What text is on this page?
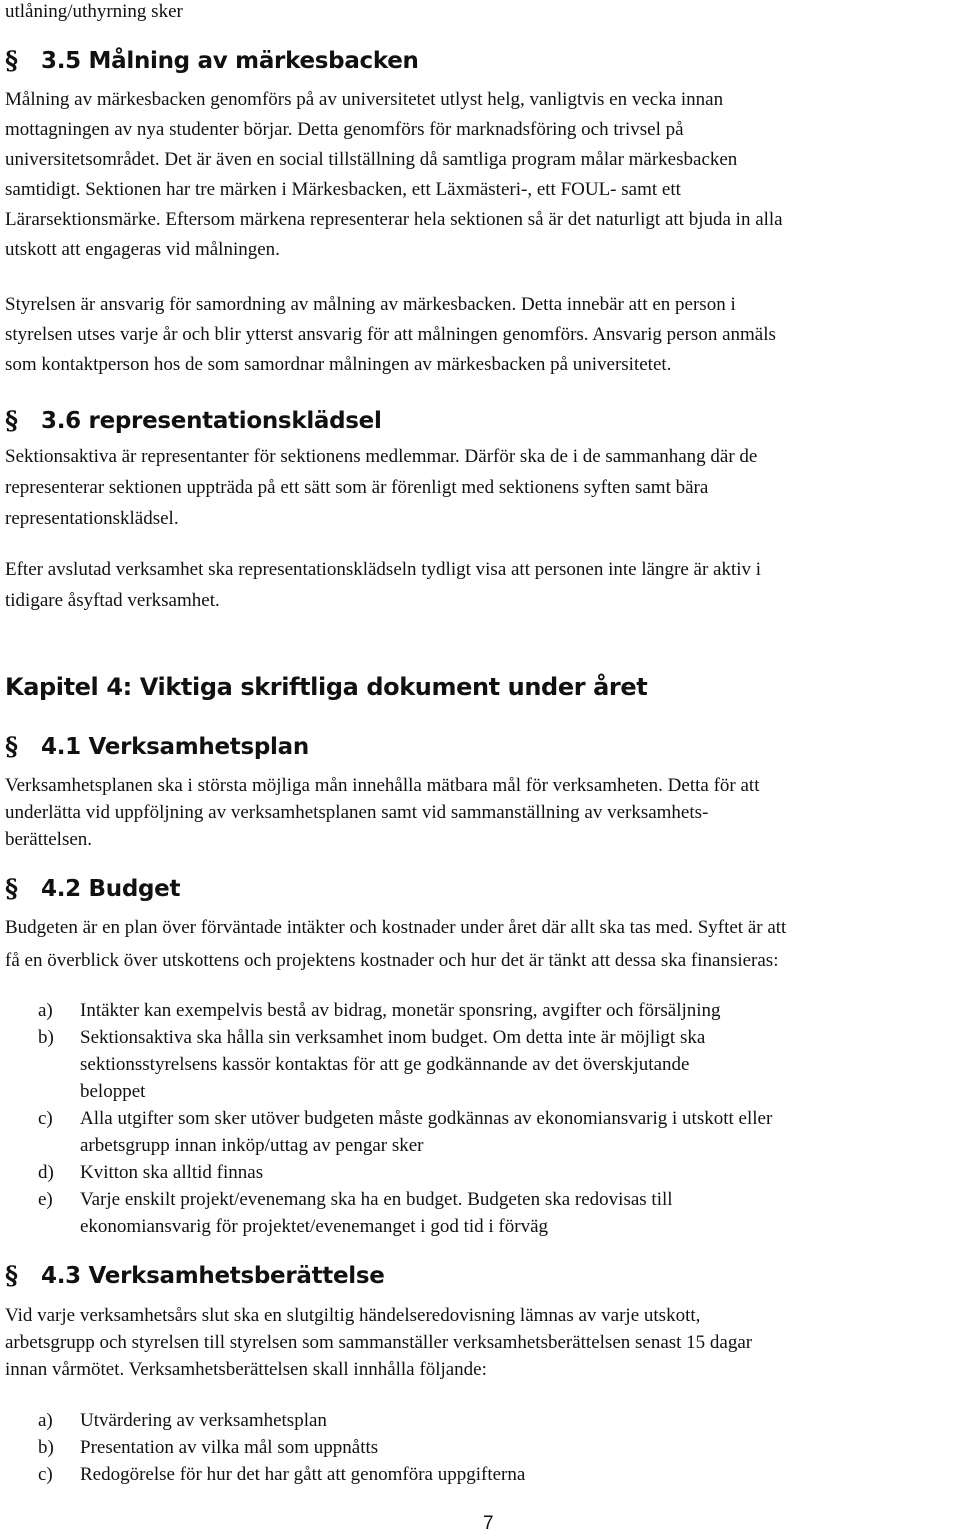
utlåning/uthyrning sker

§	3.5 Målning av märkesbacken
Målning av märkesbacken genomförs på av universitetet utlyst helg, vanligtvis en vecka innan
mottagningen av nya studenter börjar. Detta genomförs för marknadsföring och trivsel på
universitetsområdet. Det är även en social tillställning då samtliga program målar märkesbacken
samtidigt. Sektionen har tre märken i Märkesbacken, ett Läxmästeri-, ett FOUL- samt ett
Lärarsektionsmärke. Eftersom märkena representerar hela sektionen så är det naturligt att bjuda in alla
utskott att engageras vid målningen.
Styrelsen är ansvarig för samordning av målning av märkesbacken. Detta innebär att en person i
styrelsen utses varje år och blir ytterst ansvarig för att målningen genomförs. Ansvarig person anmäls
som kontaktperson hos de som samordnar målningen av märkesbacken på universitetet.
§	3.6 representationsklädsel
Sektionsaktiva är representanter för sektionens medlemmar. Därför ska de i de sammanhang där de
representerar sektionen uppträda på ett sätt som är förenligt med sektionens syften samt bära
representationsklädsel.
Efter avslutad verksamhet ska representationsklädseln tydligt visa att personen inte längre är aktiv i
tidigare åsyftad verksamhet.
Kapitel 4: Viktiga skriftliga dokument under året
§	4.1 Verksamhetsplan
Verksamhetsplanen ska i största möjliga mån innehålla mätbara mål för verksamheten. Detta för att
underlätta vid uppföljning av verksamhetsplanen samt vid sammanställning av verksamhets-
berättelsen.
§	4.2 Budget
Budgeten är en plan över förväntade intäkter och kostnader under året där allt ska tas med. Syftet är att
få en överblick över utskottens och projektens kostnader och hur det är tänkt att dessa ska finansieras:
a)	Intäkter kan exempelvis bestå av bidrag, monetär sponsring, avgifter och försäljning
b)	Sektionsaktiva ska hålla sin verksamhet inom budget. Om detta inte är möjligt ska
sektionsstyrelsens kassör kontaktas för att ge godkännande av det överskjutande
beloppet
c)	Alla utgifter som sker utöver budgeten måste godkännas av ekonomiansvarig i utskott eller
arbetsgrupp innan inköp/uttag av pengar sker
d)	Kvitton ska alltid finnas
e)	Varje enskilt projekt/evenemang ska ha en budget. Budgeten ska redovisas till
ekonomiansvarig för projektet/evenemanget i god tid i förväg
§	4.3 Verksamhetsberättelse
Vid varje verksamhetsårs slut ska en slutgiltig händelseredovisning lämnas av varje utskott,
arbetsgrupp och styrelsen till styrelsen som sammanställer verksamhetsberättelsen senast 15 dagar
innan vårmötet. Verksamhetsberättelsen skall innhålla följande:
a)	Utvärdering av verksamhetsplan
b)	Presentation av vilka mål som uppnåtts
c)	Redogörelse för hur det har gått att genomföra uppgifterna
7
